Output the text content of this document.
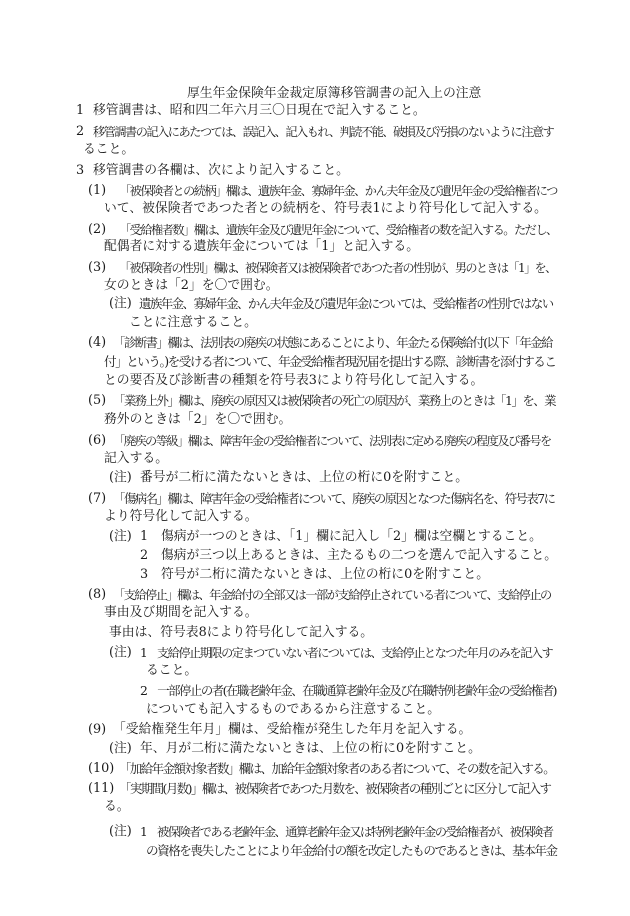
厚生年金保険年金裁定原簿移管調書の記入上の注意
1 移管調書は、昭和四二年六月三〇日現在で記入すること。
2 移管調書の記入にあたつては、誤記入、記入もれ、判読不能、破損及び汚損のないように注意す
ること。
3 移管調書の各欄は、次により記入すること。
(1) 「被保険者との続柄」欄は、遺族年金、寡婦年金、かん夫年金及び遺児年金の受給権者につ
いて、被保険者であつた者との続柄を、符号表1により符号化して記入する。
(2) 「受給権者数」欄は、遺族年金及び遺児年金について、受給権者の数を記入する。ただし、
配偶者に対する遺族年金については「1」と記入する。
(3) 「被保険者の性別」欄は、被保険者又は被保険者であつた者の性別が、男のときは「1」を、
女のときは「2」を〇で囲む。
(注) 遺族年金、寡婦年金、かん夫年金及び遺児年金については、受給権者の性別ではない
ことに注意すること。
(4) 「診断書」欄は、法別表の廃疾の状態にあることにより、年金たる保険給付(以下「年金給
付」という。)を受ける者について、年金受給権者現況届を提出する際、診断書を添付するこ
との要否及び診断書の種類を符号表3により符号化して記入する。
(5) 「業務上外」欄は、廃疾の原因又は被保険者の死亡の原因が、業務上のときは「1」を、業
務外のときは「2」を〇で囲む。
(6) 「廃疾の等級」欄は、障害年金の受給権者について、法別表に定める廃疾の程度及び番号を
記入する。
(注) 番号が二桁に満たないときは、上位の桁に0を附すこと。
(7) 「傷病名」欄は、障害年金の受給権者について、廃疾の原因となつた傷病名を、符号表7に
より符号化して記入する。
(注) 1　傷病が一つのときは、「1」欄に記入し「2」欄は空欄とすること。
2　傷病が三つ以上あるときは、主たるもの二つを選んで記入すること。
3　符号が二桁に満たないときは、上位の桁に0を附すこと。
(8) 「支給停止」欄は、年金給付の全部又は一部が支給停止されている者について、支給停止の
事由及び期間を記入する。
事由は、符号表8により符号化して記入する。
(注) 1　支給停止期限の定まつていない者については、支給停止となつた年月のみを記入す
ること。
2　一部停止の者(在職老齢年金、在職通算老齢年金及び在職特例老齢年金の受給権者)
についても記入するものであるから注意すること。
(9) 「受給権発生年月」欄は、受給権が発生した年月を記入する。
(注) 年、月が二桁に満たないときは、上位の桁に0を附すこと。
(10) 「加給年金額対象者数」欄は、加給年金額対象者のある者について、その数を記入する。
(11) 「実期間(月数)」欄は、被保険者であつた月数を、被保険者の種別ごとに区分して記入す
る。
(注) 1　被保険者である老齢年金、通算老齢年金又は特例老齢年金の受給権者が、被保険者
の資格を喪失したことにより年金給付の額を改定したものであるときは、基本年金
